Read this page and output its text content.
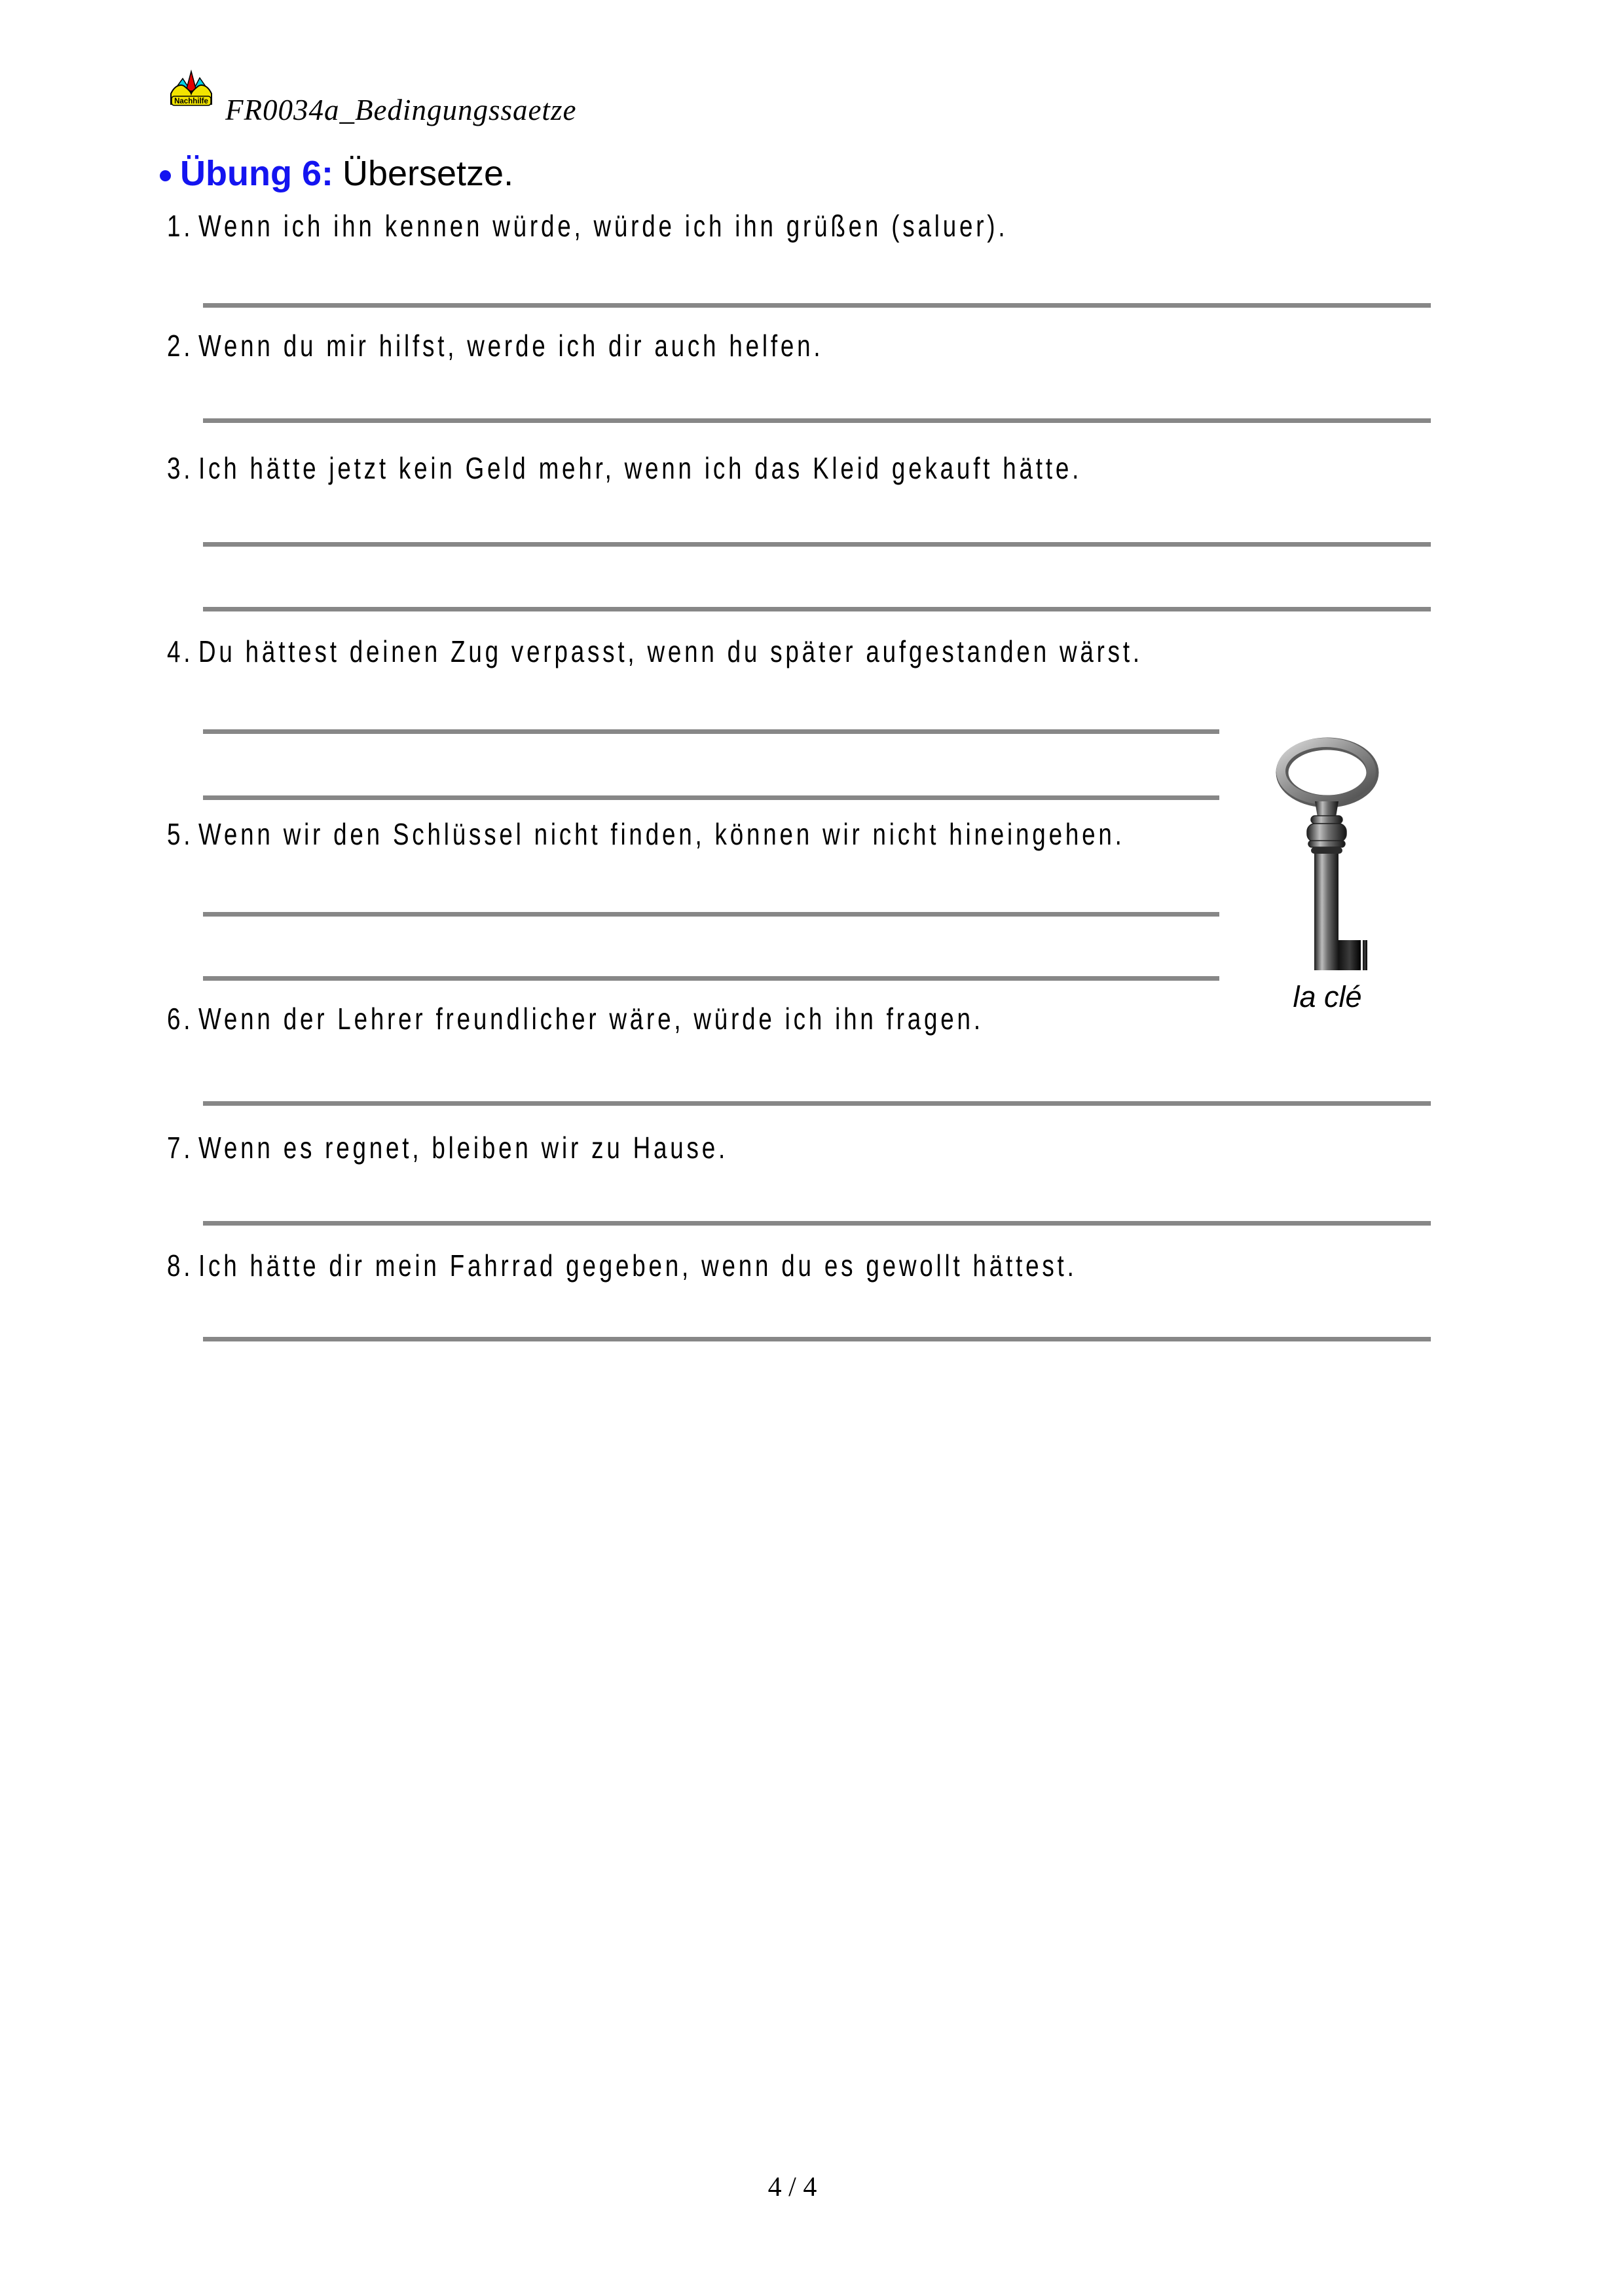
Nachhilfe FR0034a_Bedingungssaetze
Übung 6: Übersetze.
1. Wenn ich ihn kennen würde, würde ich ihn grüßen (saluer).
2. Wenn du mir hilfst, werde ich dir auch helfen.
3. Ich hätte jetzt kein Geld mehr, wenn ich das Kleid gekauft hätte.
4. Du hättest deinen Zug verpasst, wenn du später aufgestanden wärst.
5. Wenn wir den Schlüssel nicht finden, können wir nicht hineingehen.
6. Wenn der Lehrer freundlicher wäre, würde ich ihn fragen.
7. Wenn es regnet, bleiben wir zu Hause.
8. Ich hätte dir mein Fahrrad gegeben, wenn du es gewollt hättest.
la clé
4 / 4
